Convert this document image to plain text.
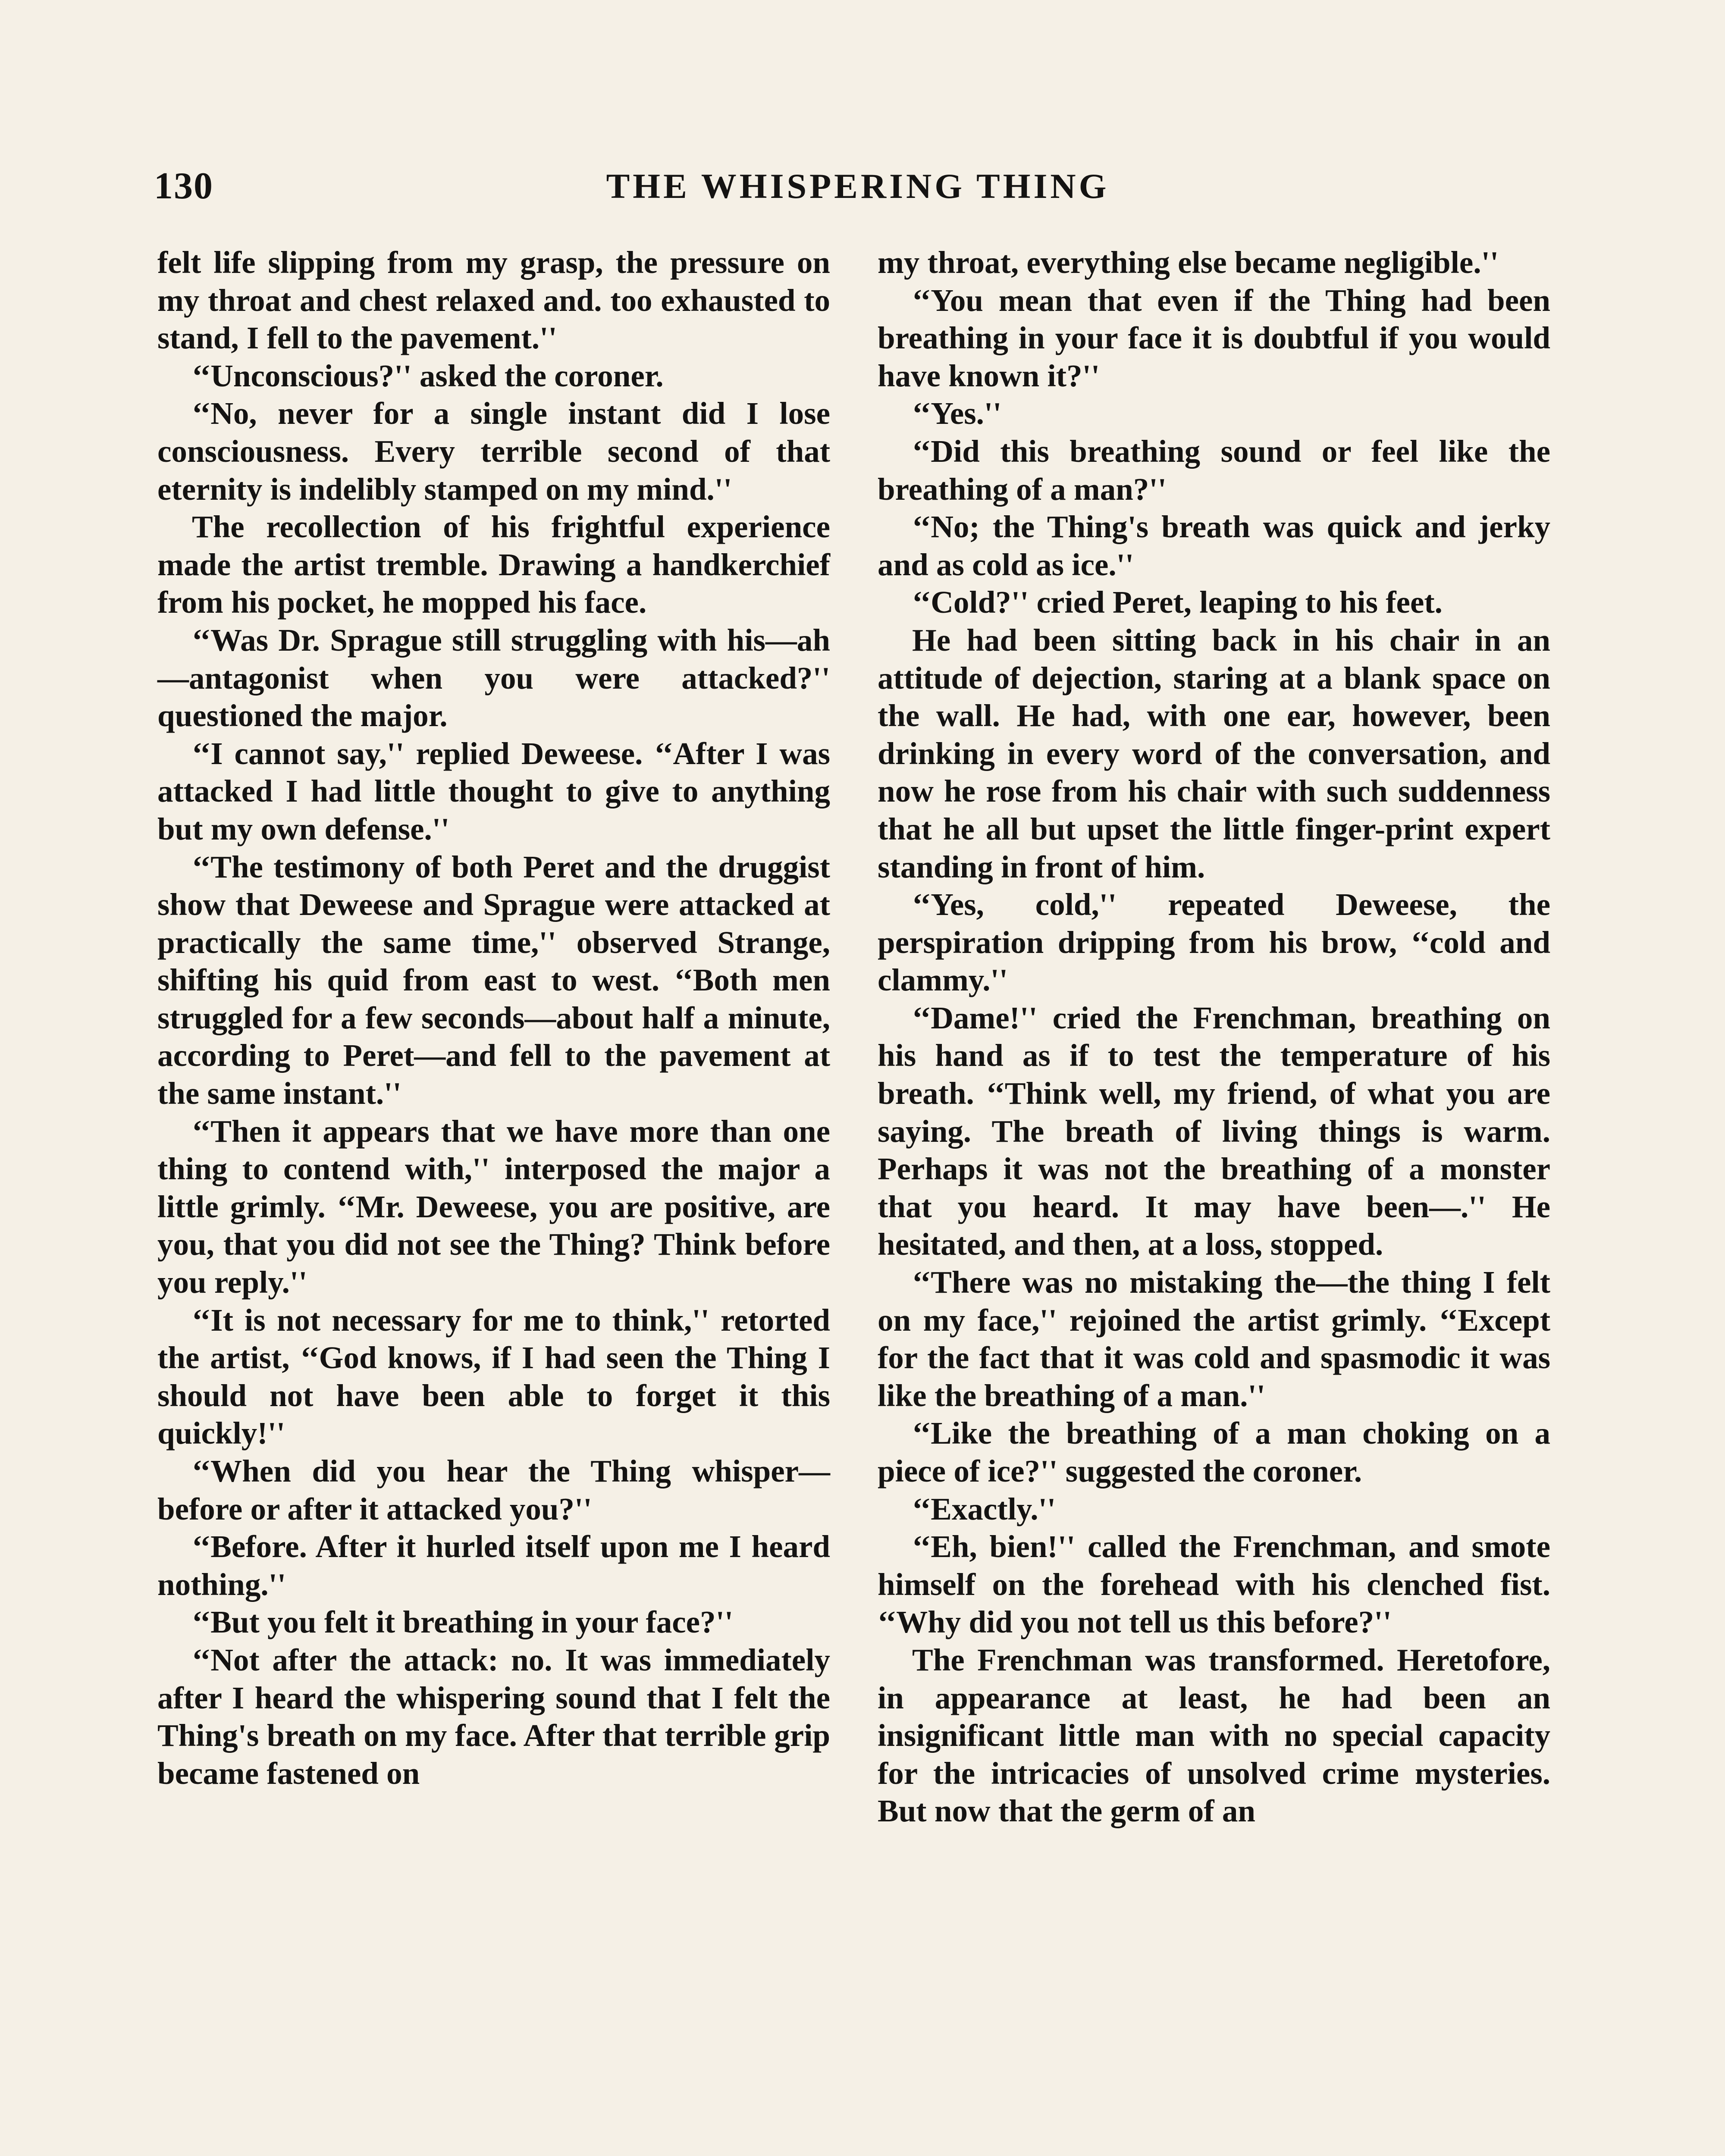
130	THE WHISPERING THING

felt life slipping from my grasp, the pressure on my throat and chest relaxed and. too exhausted to stand, I fell to the pavement.''

‘‘Unconscious?'' asked the coroner.

‘‘No, never for a single instant did I lose consciousness. Every terrible second of that eternity is indelibly stamped on my mind.''

The recollection of his frightful experience made the artist tremble. Drawing a handkerchief from his pocket, he mopped his face.

‘‘Was Dr. Sprague still struggling with his—ah—antagonist when you were attacked?'' questioned the major.

‘‘I cannot say,'' replied Deweese. ‘‘After I was attacked I had little thought to give to anything but my own defense.''

‘‘The testimony of both Peret and the druggist show that Deweese and Sprague were attacked at practically the same time,'' observed Strange, shifting his quid from east to west. ‘‘Both men struggled for a few seconds—about half a minute, according to Peret—and fell to the pavement at the same instant.''

‘‘Then it appears that we have more than one thing to contend with,'' interposed the major a little grimly. ‘‘Mr. Deweese, you are positive, are you, that you did not see the Thing? Think before you reply.''

‘‘It is not necessary for me to think,'' retorted the artist, ‘‘God knows, if I had seen the Thing I should not have been able to forget it this quickly!''

‘‘When did you hear the Thing whisper—before or after it attacked you?''

‘‘Before. After it hurled itself upon me I heard nothing.''

‘‘But you felt it breathing in your face?''

‘‘Not after the attack: no. It was immediately after I heard the whispering sound that I felt the Thing's breath on my face. After that terrible grip became fastened on

my throat, everything else became negligible.''

‘‘You mean that even if the Thing had been breathing in your face it is doubtful if you would have known it?''

‘‘Yes.''

‘‘Did this breathing sound or feel like the breathing of a man?''

‘‘No; the Thing's breath was quick and jerky and as cold as ice.''

‘‘Cold?'' cried Peret, leaping to his feet.

He had been sitting back in his chair in an attitude of dejection, staring at a blank space on the wall. He had, with one ear, however, been drinking in every word of the conversation, and now he rose from his chair with such suddenness that he all but upset the little finger-print expert standing in front of him.

‘‘Yes, cold,'' repeated Deweese, the perspiration dripping from his brow, ‘‘cold and clammy.''

‘‘Dame!'' cried the Frenchman, breathing on his hand as if to test the temperature of his breath. ‘‘Think well, my friend, of what you are saying. The breath of living things is warm. Perhaps it was not the breathing of a monster that you heard. It may have been—.'' He hesitated, and then, at a loss, stopped.

‘‘There was no mistaking the—the thing I felt on my face,'' rejoined the artist grimly. ‘‘Except for the fact that it was cold and spasmodic it was like the breathing of a man.''

‘‘Like the breathing of a man choking on a piece of ice?'' suggested the coroner.

‘‘Exactly.''

‘‘Eh, bien!'' called the Frenchman, and smote himself on the forehead with his clenched fist. ‘‘Why did you not tell us this before?''

The Frenchman was transformed. Heretofore, in appearance at least, he had been an insignificant little man with no special capacity for the intricacies of unsolved crime mysteries. But now that the germ of an
